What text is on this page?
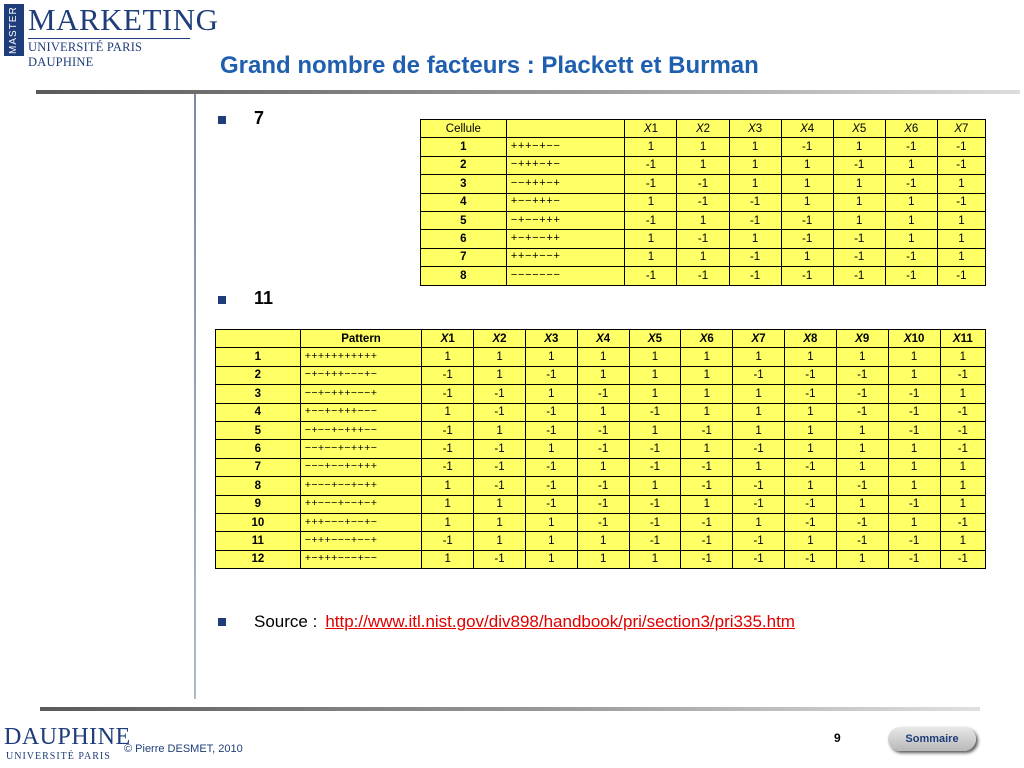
MASTER MARKETING
UNIVERSITÉ PARIS DAUPHINE	Grand nombre de facteurs : Plackett et Burman
7
Cellule		X1	X2	X3	X4	X5	X6	X7
1	+++−+−−	1	1	1	-1	1	-1	-1
2	−+++−+−	-1	1	1	1	-1	1	-1
3	−−+++−+	-1	-1	1	1	1	-1	1
4	+−−+++−	1	-1	-1	1	1	1	-1
5	−+−−+++	-1	1	-1	-1	1	1	1
6	+−+−−++	1	-1	1	-1	-1	1	1
7	++−+−−+	1	1	-1	1	-1	-1	1
8	−−−−−−−	-1	-1	-1	-1	-1	-1	-1
11
	Pattern	X1	X2	X3	X4	X5	X6	X7	X8	X9	X10	X11
1	+++++++++++	1	1	1	1	1	1	1	1	1	1	1
2	−+−+++−−−+−	-1	1	-1	1	1	1	-1	-1	-1	1	-1
3	−−+−+++−−−+	-1	-1	1	-1	1	1	1	-1	-1	-1	1
4	+−−+−+++−−−	1	-1	-1	1	-1	1	1	1	-1	-1	-1
5	−+−−+−+++−−	-1	1	-1	-1	1	-1	1	1	1	-1	-1
6	−−+−−+−+++−	-1	-1	1	-1	-1	1	-1	1	1	1	-1
7	−−−+−−+−+++	-1	-1	-1	1	-1	-1	1	-1	1	1	1
8	+−−−+−−+−++	1	-1	-1	-1	1	-1	-1	1	-1	1	1
9	++−−−+−−+−+	1	1	-1	-1	-1	1	-1	-1	1	-1	1
10	+++−−−+−−+−	1	1	1	-1	-1	-1	1	-1	-1	1	-1
11	−+++−−−+−−+	-1	1	1	1	-1	-1	-1	1	-1	-1	1
12	+−+++−−−+−−	1	-1	1	1	1	-1	-1	-1	1	-1	-1
Source : http://www.itl.nist.gov/div898/handbook/pri/section3/pri335.htm
DAUPHINE
UNIVERSITÉ PARIS
© Pierre DESMET, 2010
9	Sommaire
